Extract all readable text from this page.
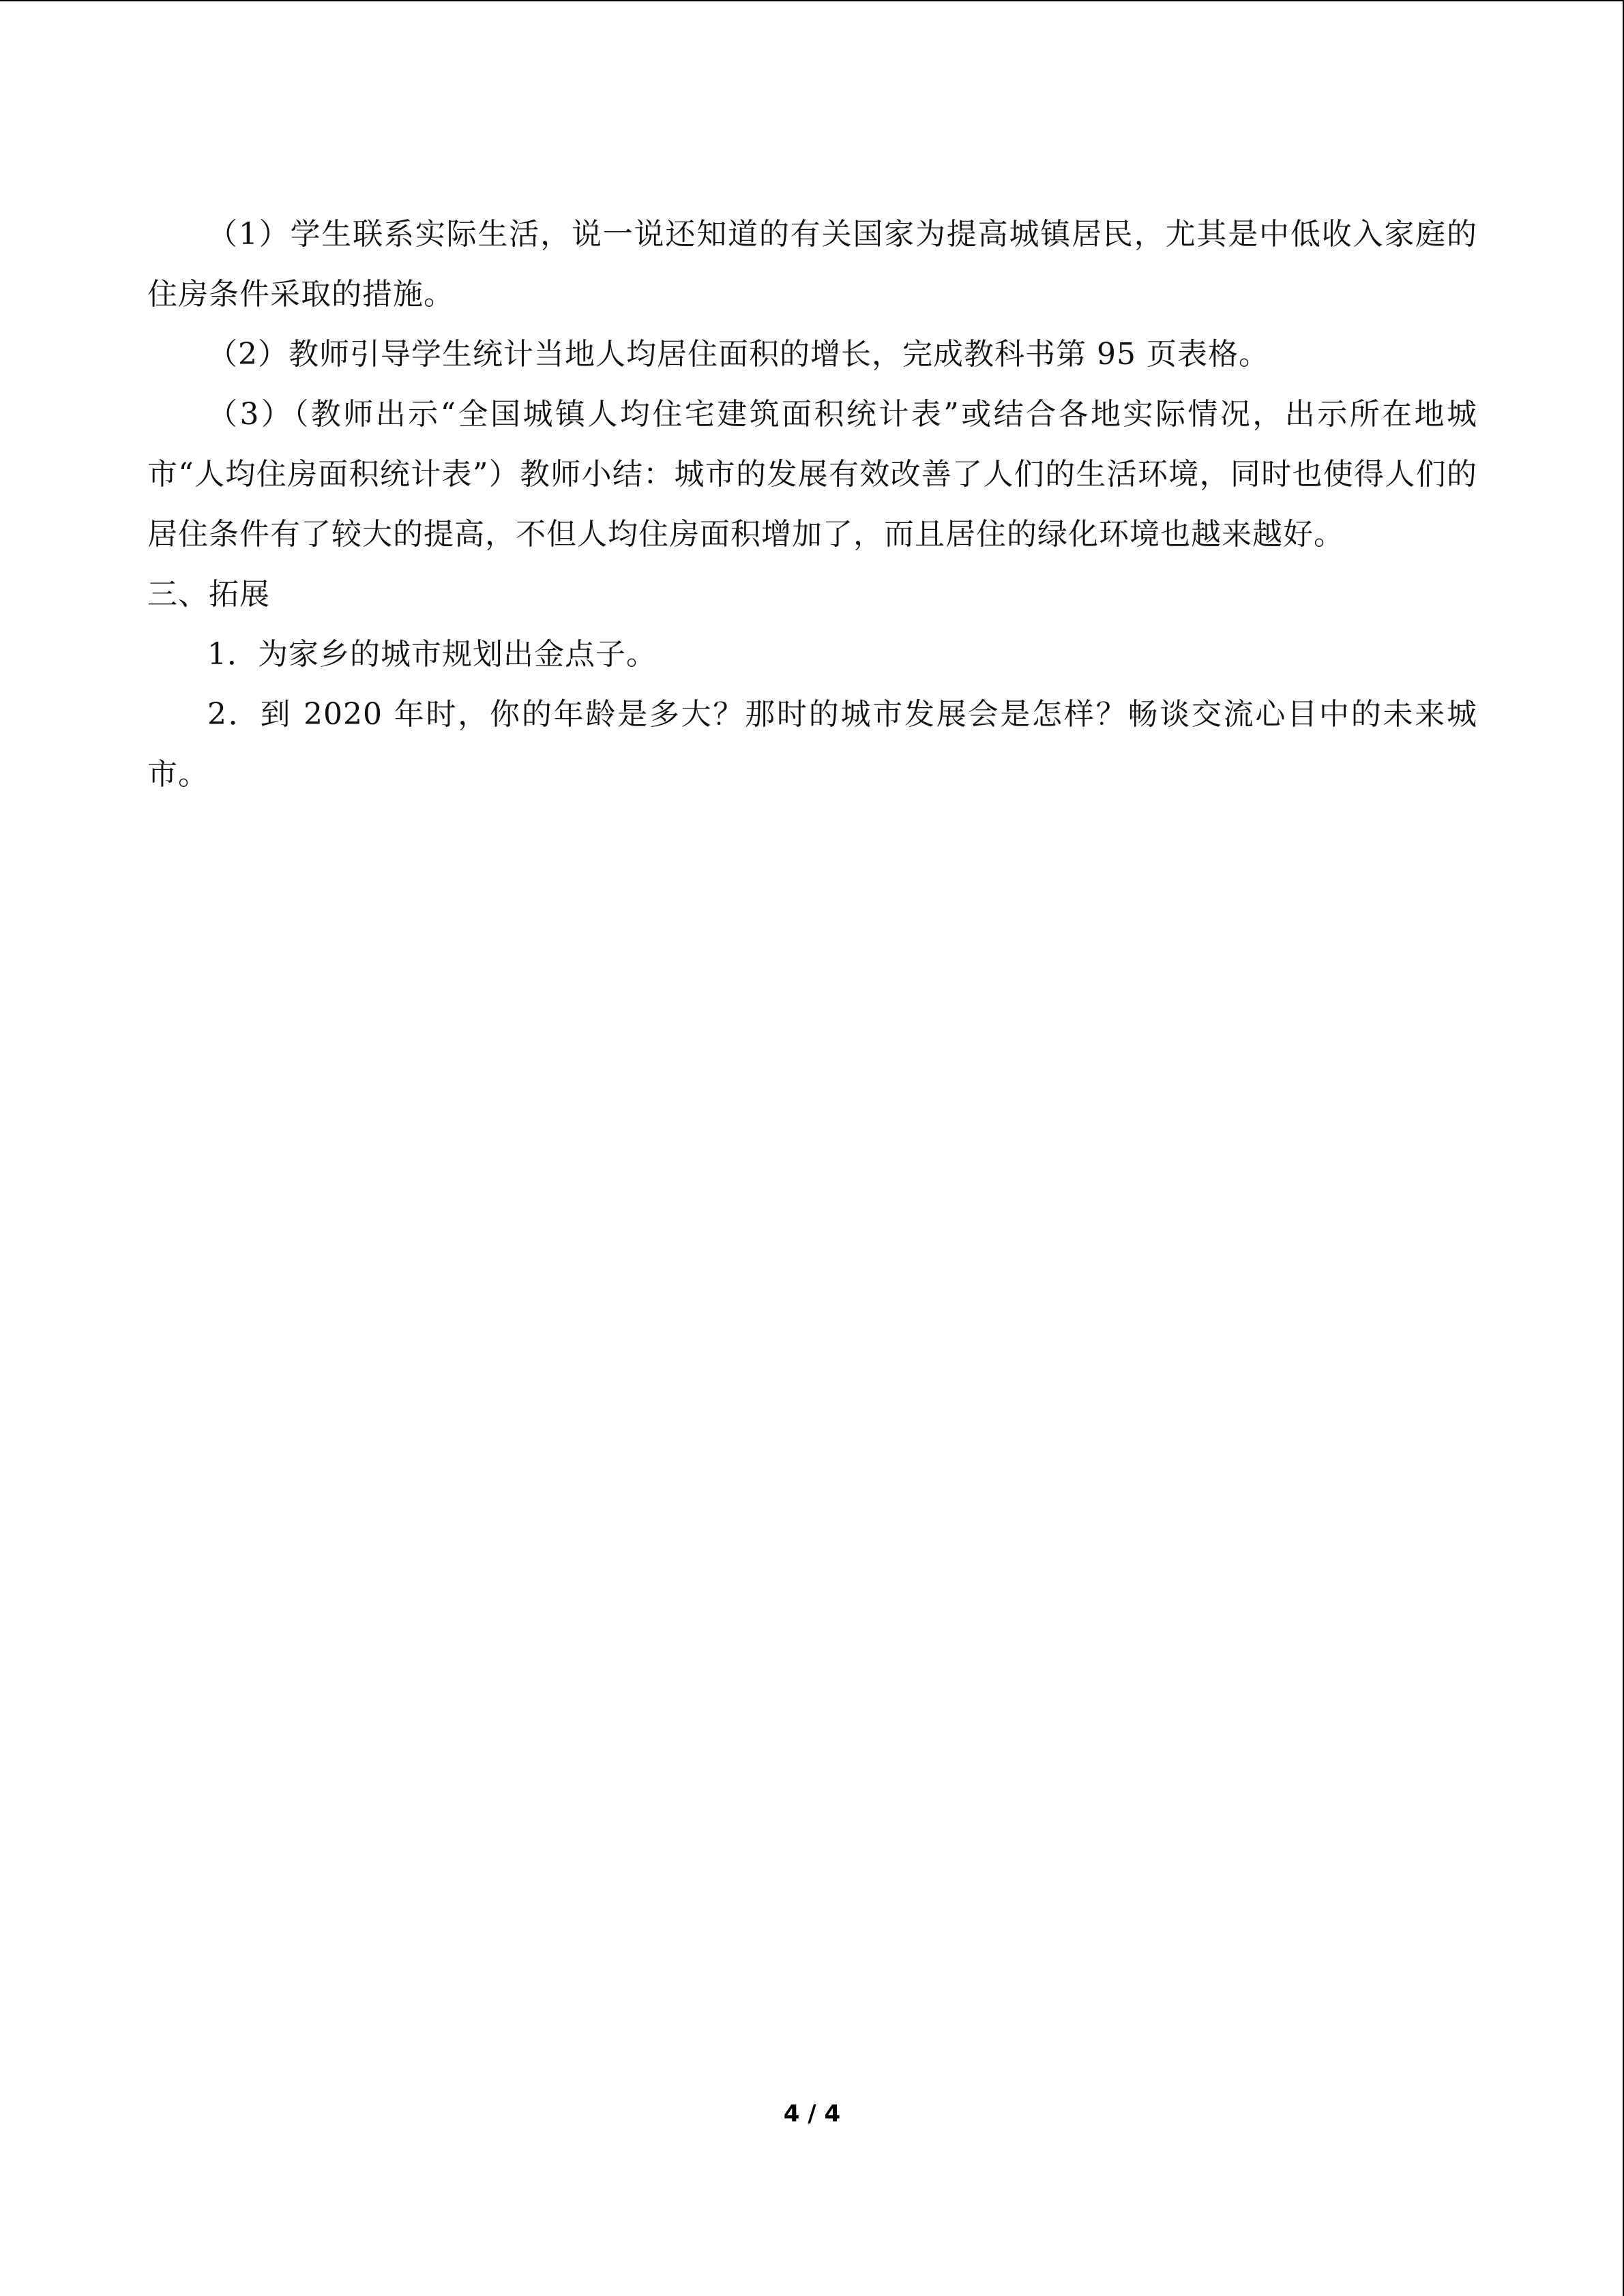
（1）学生联系实际生活，说一说还知道的有关国家为提高城镇居民，尤其是中低收入家庭的住房条件采取的措施。

（2）教师引导学生统计当地人均居住面积的增长，完成教科书第 95 页表格。

（3）（教师出示“全国城镇人均住宅建筑面积统计表”或结合各地实际情况，出示所在地城市“人均住房面积统计表”）教师小结：城市的发展有效改善了人们的生活环境，同时也使得人们的居住条件有了较大的提高，不但人均住房面积增加了，而且居住的绿化环境也越来越好。

三、拓展

1．为家乡的城市规划出金点子。

2．到 2020 年时，你的年龄是多大？那时的城市发展会是怎样？畅谈交流心目中的未来城市。

4 / 4
